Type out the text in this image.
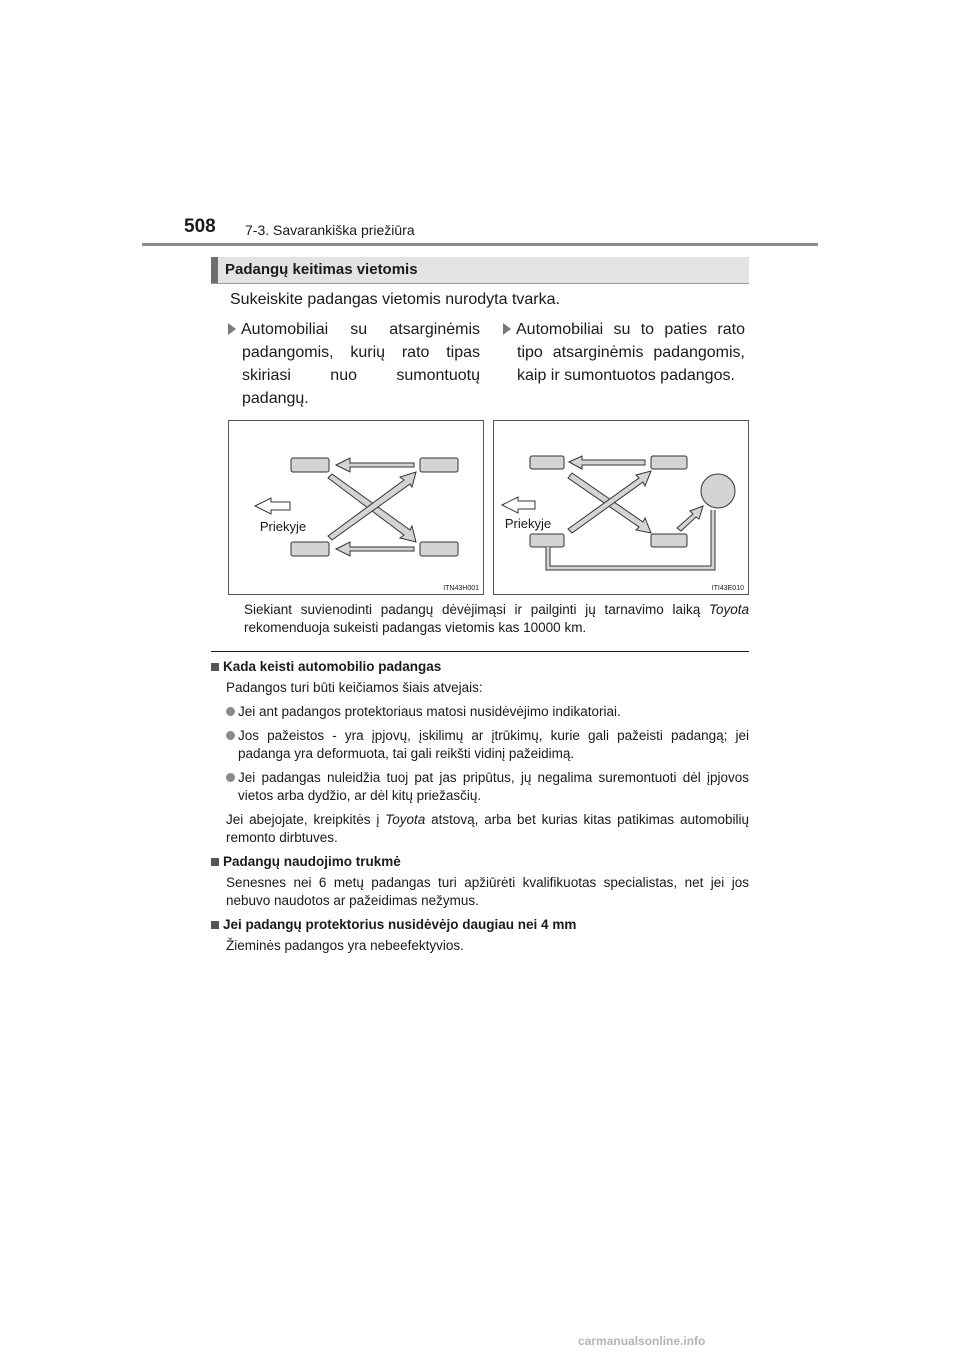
508 7-3. Savarankiška priežiūra
Padangų keitimas vietomis
Sukeiskite padangas vietomis nurodyta tvarka.
Automobiliai su atsarginėmis padangomis, kurių rato tipas skiriasi nuo sumontuotų padangų.
Automobiliai su to paties rato tipo atsarginėmis padangomis, kaip ir sumontuotos padangos.
Priekyje
ITN43H001
Priekyje
ITI43E010
Siekiant suvienodinti padangų dėvėjimąsi ir pailginti jų tarnavimo laiką Toyota rekomenduoja sukeisti padangas vietomis kas 10000 km.
Kada keisti automobilio padangas
Padangos turi būti keičiamos šiais atvejais:
Jei ant padangos protektoriaus matosi nusidėvėjimo indikatoriai.
Jos pažeistos - yra įpjovų, įskilimų ar įtrūkimų, kurie gali pažeisti padangą; jei padanga yra deformuota, tai gali reikšti vidinį pažeidimą.
Jei padangas nuleidžia tuoj pat jas pripūtus, jų negalima suremontuoti dėl įpjovos vietos arba dydžio, ar dėl kitų priežasčių.
Jei abejojate, kreipkitės į Toyota atstovą, arba bet kurias kitas patikimas automobilių remonto dirbtuves.
Padangų naudojimo trukmė
Senesnes nei 6 metų padangas turi apžiūrėti kvalifikuotas specialistas, net jei jos nebuvo naudotos ar pažeidimas nežymus.
Jei padangų protektorius nusidėvėjo daugiau nei 4 mm
Žieminės padangos yra nebeefektyvios.
carmanualsonline.info
